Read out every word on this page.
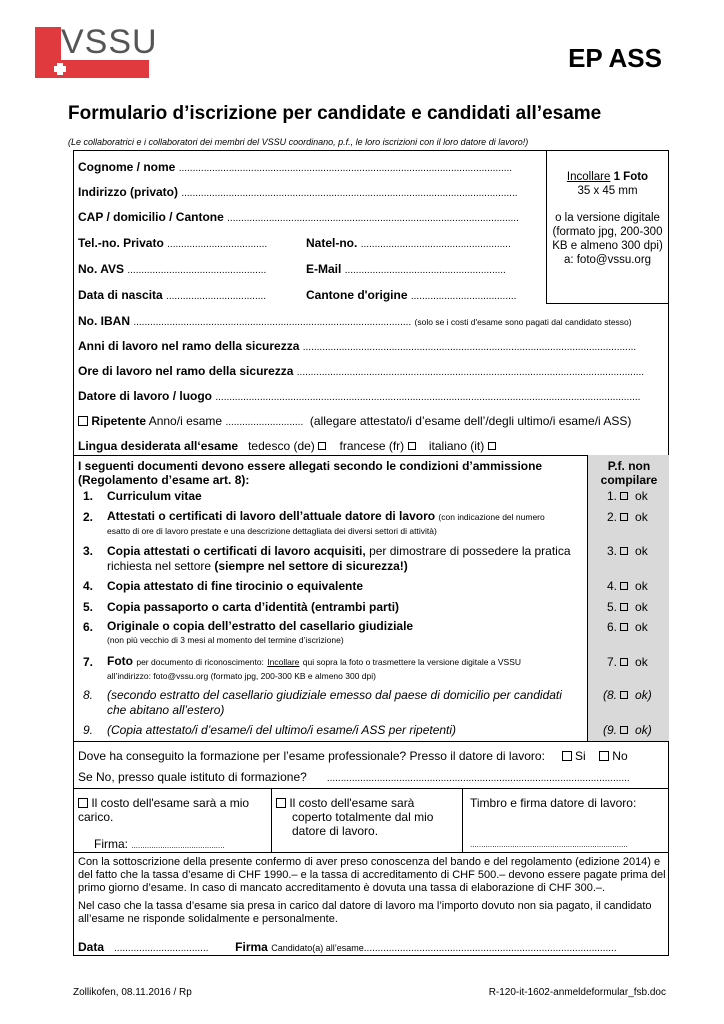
VSSU	EP ASS
Formulario d’iscrizione per candidate e candidati all’esame
(Le collaboratrici e i collaboratori dei membri del VSSU coordinano, p.f., le loro iscrizioni con il loro datore di lavoro!)
Cognome / nome ........................................................................................................................
Indirizzo (privato) .........................................................................................................................
CAP / domicilio / Cantone .........................................................................................................
Tel.-no. Privato ....................................	Natel-no. ......................................................
No. AVS ..................................................	E-Mail ..........................................................
Data di nascita ....................................	Cantone d'origine ......................................
Incollare 1 Foto
35 x 45 mm
o la versione digitale (formato jpg, 200-300 KB e almeno 300 dpi) a: foto@vssu.org
No. IBAN .................................................................................................... (solo se i costi d'esame sono pagati dal candidato stesso)
Anni di lavoro nel ramo della sicurezza ........................................................................................................................
Ore di lavoro nel ramo della sicurezza .............................................................................................................................
Datore di lavoro / luogo .........................................................................................................................................................
Ripetente Anno/i esame ............................ (allegare attestato/i d’esame dell’/degli ultimo/i esame/i ASS)
Lingua desiderata all‘esame tedesco (de) francese (fr) italiano (it)
I seguenti documenti devono essere allegati secondo le condizioni d’ammissione (Regolamento d’esame art. 8):
P.f. non compilare
1. Curriculum vitae	1. ok
2. Attestati o certificati di lavoro dell’attuale datore di lavoro (con indicazione del numero
esatto di ore di lavoro prestate e una descrizione dettagliata dei diversi settori di attività)
2. ok
3. Copia attestati o certificati di lavoro acquisiti, per dimostrare di possedere la pratica
richiesta nel settore (siempre nel settore di sicurezza!)
3. ok
4. Copia attestato di fine tirocinio o equivalente	4. ok
5. Copia passaporto o carta d’identità (entrambi parti)	5. ok
6. Originale o copia dell’estratto del casellario giudiziale
(non più vecchio di 3 mesi al momento del termine d’iscrizione)
6. ok
7. Foto per documento di riconoscimento: Incollare qui sopra la foto o trasmettere la versione digitale a VSSU
all’indirizzo: foto@vssu.org (formato jpg, 200-300 KB e almeno 300 dpi)
7. ok
8. (secondo estratto del casellario giudiziale emesso dal paese di domicilio per candidati
che abitano all’estero)
(8. ok)
9. (Copia attestato/i d’esame/i del ultimo/i esame/i ASS per ripetenti)	(9. ok)
Dove ha conseguito la formazione per l’esame professionale? Presso il datore di lavoro:	Si No
Se No, presso quale istituto di formazione? .............................................................................................................
Il costo dell'esame sarà a mio carico.
Firma: ..........................................
Il costo dell'esame sarà coperto totalmente dal mio datore di lavoro.
Timbro e firma datore di lavoro:
.......................................................................
Con la sottoscrizione della presente confermo di aver preso conoscenza del bando e del regolamento (edizione 2014) e del fatto che la tassa d’esame di CHF 1990.– e la tassa di accreditamento di CHF 500.– devono essere pagate prima del primo giorno d’esame. In caso di mancato accreditamento è dovuta una tassa di elaborazione di CHF 300.–.
Nel caso che la tassa d’esame sia presa in carico dal datore di lavoro ma l’importo dovuto non sia pagato, il candidato all’esame ne risponde solidalmente e personalmente.
Data .................................. Firma Candidato(a) all’esame...........................................................................................
Zollikofen, 08.11.2016 / Rp	R-120-it-1602-anmeldeformular_fsb.doc
